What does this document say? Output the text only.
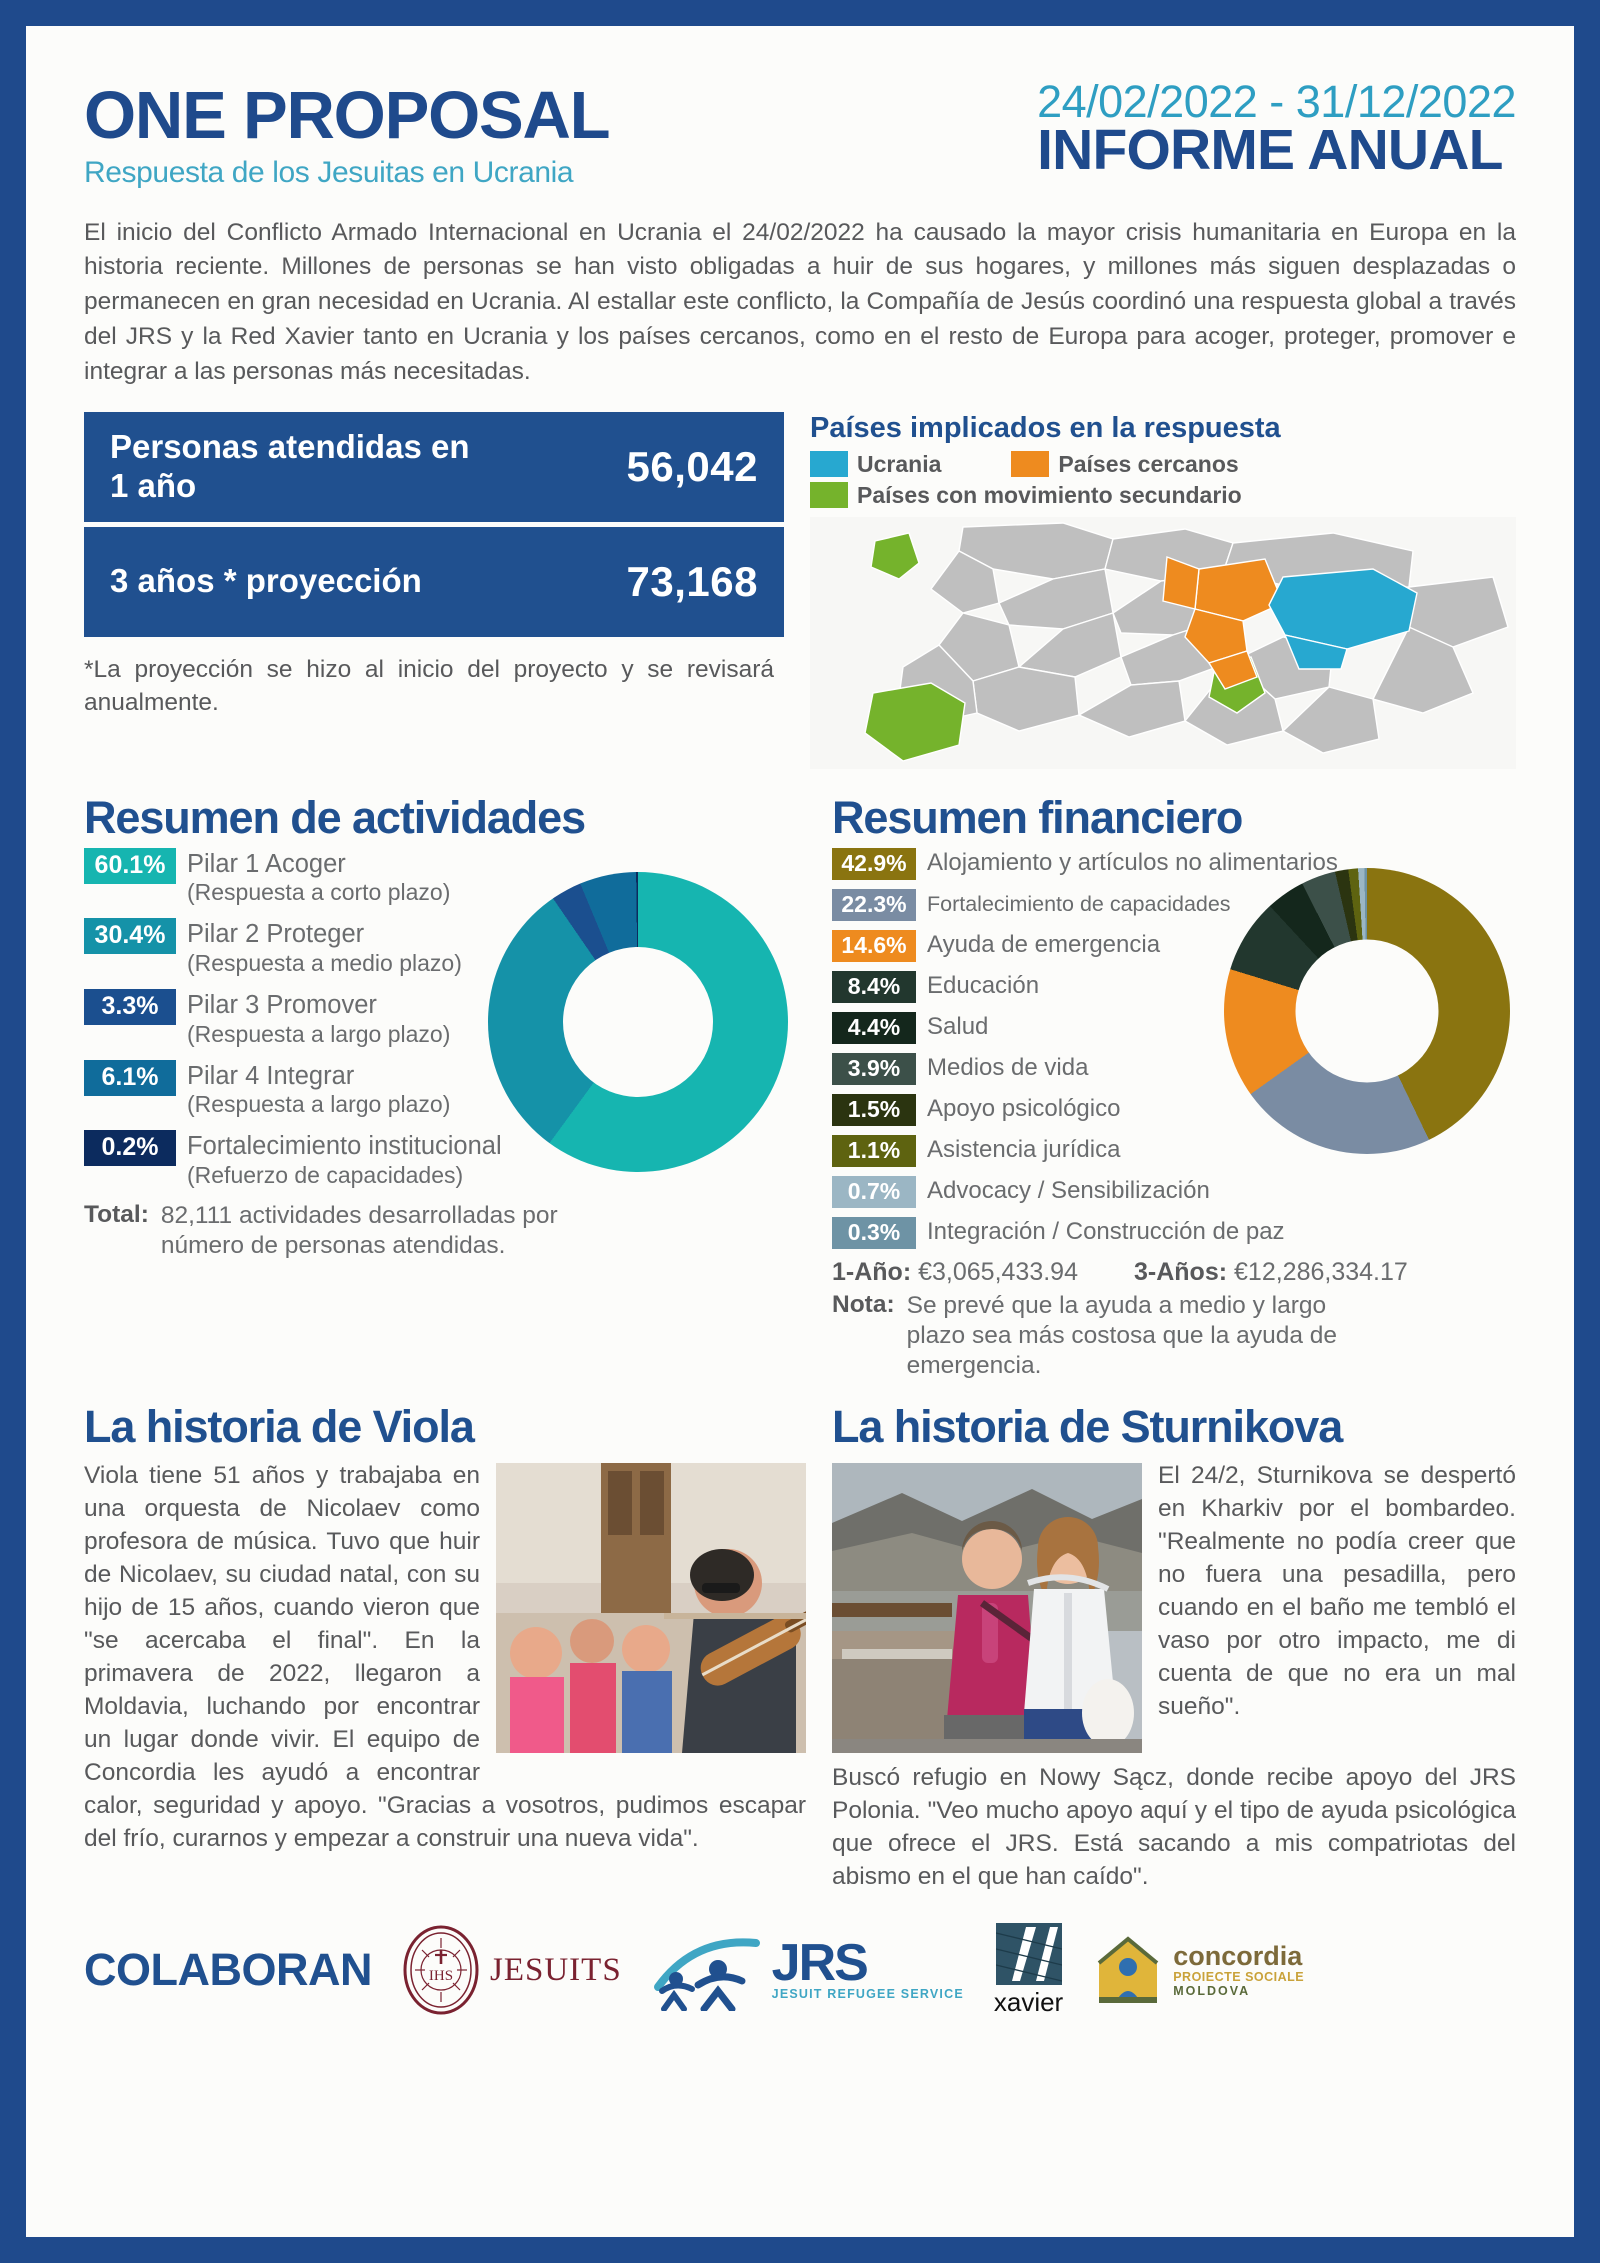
ONE PROPOSAL
Respuesta de los Jesuitas en Ucrania
24/02/2022 - 31/12/2022
INFORME ANUAL
El inicio del Conflicto Armado Internacional en Ucrania el 24/02/2022 ha causado la mayor crisis humanitaria en Europa en la historia reciente. Millones de personas se han visto obligadas a huir de sus hogares, y millones más siguen desplazadas o permanecen en gran necesidad en Ucrania. Al estallar este conflicto, la Compañía de Jesús coordinó una respuesta global a través del JRS y la Red Xavier tanto en Ucrania y los países cercanos, como en el resto de Europa para acoger, proteger, promover e integrar a las personas más necesitadas.
Personas atendidas en 1 año	56,042
3 años * proyección	73,168
*La proyección se hizo al inicio del proyecto y se revisará anualmente.
Países implicados en la respuesta
Ucrania	Países cercanos
Países con movimiento secundario
Resumen de actividades
60.1% Pilar 1 Acoger
(Respuesta a corto plazo)
30.4% Pilar 2 Proteger
(Respuesta a medio plazo)
3.3%	Pilar 3 Promover
(Respuesta a largo plazo)
6.1%	Pilar 4 Integrar
(Respuesta a largo plazo)
0.2%	Fortalecimiento institucional
(Refuerzo de capacidades)
Total: 82,111 actividades desarrolladas por número de personas atendidas.
Resumen financiero
42.9% Alojamiento y artículos no alimentarios
22.3% Fortalecimiento de capacidades
14.6% Ayuda de emergencia
8.4%	Educación
4.4%	Salud
3.9%	Medios de vida
1.5%	Apoyo psicológico
1.1%	Asistencia jurídica
0.7%	Advocacy / Sensibilización
0.3%	Integración / Construcción de paz
1-Año: €3,065,433.94 3-Años: €12,286,334.17
Nota: Se prevé que la ayuda a medio y largo plazo sea más costosa que la ayuda de emergencia.
La historia de Viola
Viola tiene 51 años y trabajaba en una orquesta de Nicolaev como profesora de música. Tuvo que huir de Nicolaev, su ciudad natal, con su hijo de 15 años, cuando vieron que "se acercaba el final". En la primavera de 2022, llegaron a Moldavia, luchando por encontrar un lugar donde vivir. El equipo de Concordia les ayudó a encontrar calor, seguridad y apoyo. "Gracias a vosotros, pudimos escapar del frío, curarnos y empezar a construir una nueva vida".
La historia de Sturnikova
El 24/2, Sturnikova se despertó en Kharkiv por el bombardeo. "Realmente no podía creer que no fuera una pesadilla, pero cuando en el baño me tembló el vaso por otro impacto, me di cuenta de que no era un mal sueño".
Buscó refugio en Nowy Sącz, donde recibe apoyo del JRS Polonia. "Veo mucho apoyo aquí y el tipo de ayuda psicológica que ofrece el JRS. Está sacando a mis compatriotas del abismo en el que han caído".
COLABORAN	IHS JESUITS	JRS
JESUIT REFUGEE SERVICE xavier
concordia
PROIECTE SOCIALE
MOLDOVA
